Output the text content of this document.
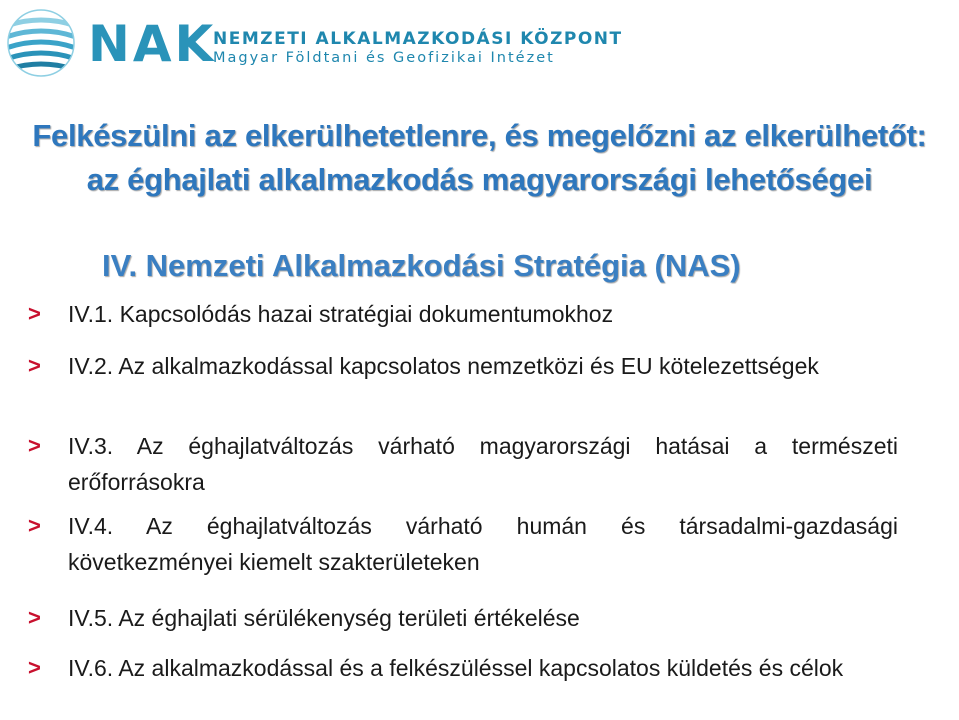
NAK
NEMZETI ALKALMAZKODÁSI KÖZPONT
Magyar Földtani és Geofizikai Intézet
Felkészülni az elkerülhetetlenre, és megelőzni az elkerülhetőt:
az éghajlati alkalmazkodás magyarországi lehetőségei
IV. Nemzeti Alkalmazkodási Stratégia (NAS)
> IV.1. Kapcsolódás hazai stratégiai dokumentumokhoz
> IV.2. Az alkalmazkodással kapcsolatos nemzetközi és EU kötelezettségek
> IV.3. Az éghajlatváltozás várható magyarországi hatásai a természeti erőforrásokra
> IV.4. Az éghajlatváltozás várható humán és társadalmi-gazdasági következményei kiemelt szakterületeken
> IV.5. Az éghajlati sérülékenység területi értékelése
> IV.6. Az alkalmazkodással és a felkészüléssel kapcsolatos küldetés és célok
